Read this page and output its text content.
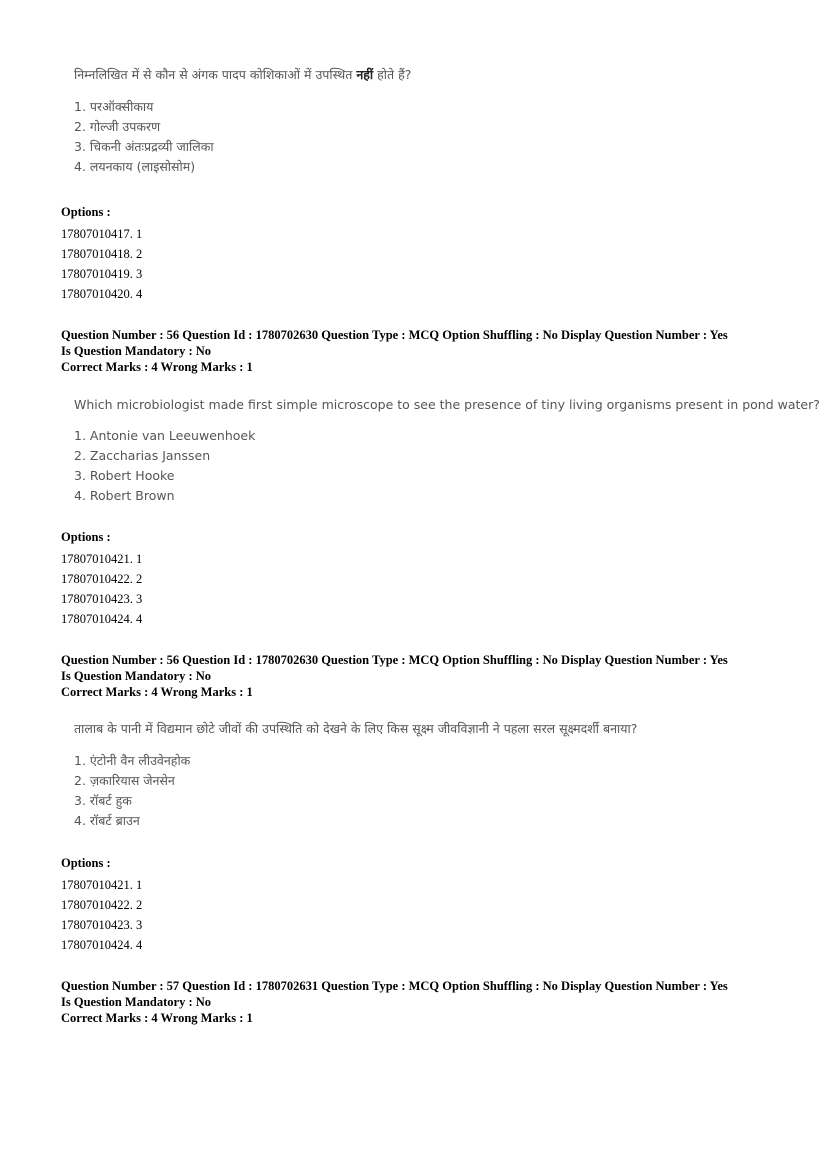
निम्नलिखित में से कौन से अंगक पादप कोशिकाओं में उपस्थित नहीं होते हैं?
1. परऑक्सीकाय
2. गोल्जी उपकरण
3. चिकनी अंतःप्रद्रव्यी जालिका
4. लयनकाय (लाइसोसोम)
Options :
17807010417. 1
17807010418. 2
17807010419. 3
17807010420. 4
Question Number : 56 Question Id : 1780702630 Question Type : MCQ Option Shuffling : No Display Question Number : Yes
Is Question Mandatory : No
Correct Marks : 4 Wrong Marks : 1
Which microbiologist made first simple microscope to see the presence of tiny living organisms present in pond water?
1. Antonie van Leeuwenhoek
2. Zaccharias Janssen
3. Robert Hooke
4. Robert Brown
Options :
17807010421. 1
17807010422. 2
17807010423. 3
17807010424. 4
Question Number : 56 Question Id : 1780702630 Question Type : MCQ Option Shuffling : No Display Question Number : Yes
Is Question Mandatory : No
Correct Marks : 4 Wrong Marks : 1
तालाब के पानी में विद्यमान छोटे जीवों की उपस्थिति को देखने के लिए किस सूक्ष्म जीवविज्ञानी ने पहला सरल सूक्ष्मदर्शी बनाया?
1. एंटोनी वैन लीउवेनहोक
2. ज़कारियास जेनसेन
3. रॉबर्ट हुक
4. रॉबर्ट ब्राउन
Options :
17807010421. 1
17807010422. 2
17807010423. 3
17807010424. 4
Question Number : 57 Question Id : 1780702631 Question Type : MCQ Option Shuffling : No Display Question Number : Yes
Is Question Mandatory : No
Correct Marks : 4 Wrong Marks : 1
